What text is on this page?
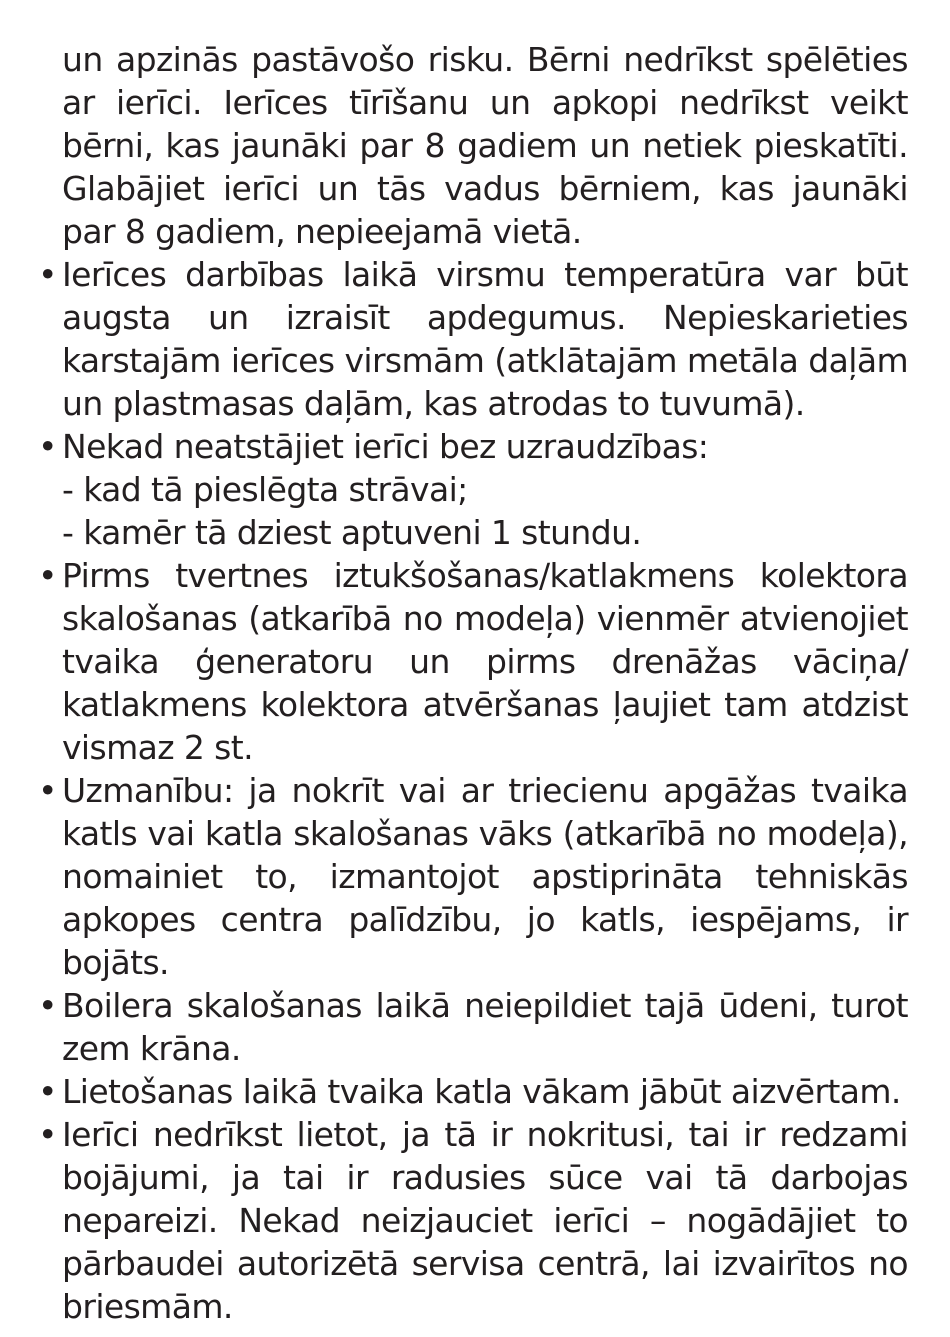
un apzinās pastāvošo risku. Bērni nedrīkst spēlēties ar ierīci. Ierīces tīrīšanu un apkopi nedrīkst veikt bērni, kas jaunāki par 8 gadiem un netiek pieskatīti. Glabājiet ierīci un tās vadus bērniem, kas jaunāki par 8 gadiem, nepieejamā vietā.

• Ierīces darbības laikā virsmu temperatūra var būt augsta un izraisīt apdegumus. Nepieskarieties karstajām ierīces virsmām (atklātajām metāla daļām un plastmasas daļām, kas atrodas to tuvumā).
• Nekad neatstājiet ierīci bez uzraudzības:
- kad tā pieslēgta strāvai;
- kamēr tā dziest aptuveni 1 stundu.
• Pirms tvertnes iztukšošanas/katlakmens kolektora skalošanas (atkarībā no modeļa) vienmēr atvienojiet tvaika ģeneratoru un pirms drenāžas vāciņa/ katlakmens kolektora atvēršanas ļaujiet tam atdzist vismaz 2 st.
• Uzmanību: ja nokrīt vai ar triecienu apgāžas tvaika katls vai katla skalošanas vāks (atkarībā no modeļa), nomainiet to, izmantojot apstiprināta tehniskās apkopes centra palīdzību, jo katls, iespējams, ir bojāts.
• Boilera skalošanas laikā neiepildiet tajā ūdeni, turot zem krāna.
• Lietošanas laikā tvaika katla vākam jābūt aizvērtam.
• Ierīci nedrīkst lietot, ja tā ir nokritusi, tai ir redzami bojājumi, ja tai ir radusies sūce vai tā darbojas nepareizi. Nekad neizjauciet ierīci – nogādājiet to pārbaudei autorizētā servisa centrā, lai izvairītos no briesmām.
